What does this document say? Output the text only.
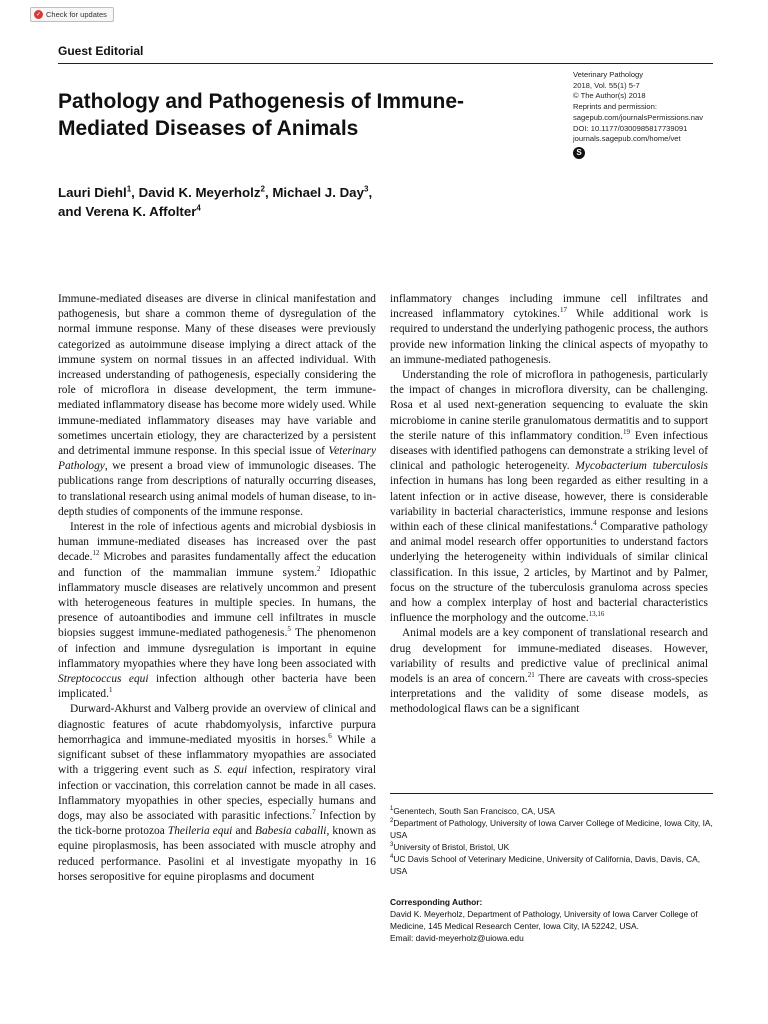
✓ Check for updates
Guest Editorial
Pathology and Pathogenesis of Immune-Mediated Diseases of Animals
Veterinary Pathology
2018, Vol. 55(1) 5-7
© The Author(s) 2018
Reprints and permission:
sagepub.com/journalsPermissions.nav
DOI: 10.1177/0300985817739091
journals.sagepub.com/home/vet
S
Lauri Diehl$^1$, David K. Meyerholz$^2$, Michael J. Day$^3$,
and Verena K. Affolter$^4$

Immune-mediated diseases are diverse in clinical manifestation and pathogenesis, but share a common theme of dysregulation of the normal immune response. Many of these diseases were previously categorized as autoimmune disease implying a direct attack of the immune system on normal tissues in an affected individual. With increased understanding of pathogenesis, especially considering the role of microflora in disease development, the term immune-mediated inflammatory disease has become more widely used. While immune-mediated inflammatory diseases may have variable and sometimes uncertain etiology, they are characterized by a persistent and detrimental immune response. In this special issue of Veterinary Pathology, we present a broad view of immunologic diseases. The publications range from descriptions of naturally occurring diseases, to translational research using animal models of human disease, to in-depth studies of components of the immune response.

Interest in the role of infectious agents and microbial dysbiosis in human immune-mediated diseases has increased over the past decade.$^{12}$ Microbes and parasites fundamentally affect the education and function of the mammalian immune system.$^2$ Idiopathic inflammatory muscle diseases are relatively uncommon and present with heterogeneous features in multiple species. In humans, the presence of autoantibodies and immune cell infiltrates in muscle biopsies suggest immune-mediated pathogenesis.$^5$ The phenomenon of infection and immune dysregulation is important in equine inflammatory myopathies where they have long been associated with Streptococcus equi infection although other bacteria have been implicated.$^1$

Durward-Akhurst and Valberg provide an overview of clinical and diagnostic features of acute rhabdomyolysis, infarctive purpura hemorrhagica and immune-mediated myositis in horses.$^6$ While a significant subset of these inflammatory myopathies are associated with a triggering event such as S. equi infection, respiratory viral infection or vaccination, this correlation cannot be made in all cases. Inflammatory myopathies in other species, especially humans and dogs, may also be associated with parasitic infections.$^7$ Infection by the tick-borne protozoa Theileria equi and Babesia caballi, known as equine piroplasmosis, has been associated with muscle atrophy and reduced performance. Pasolini et al investigate myopathy in 16 horses seropositive for equine piroplasms and document

inflammatory changes including immune cell infiltrates and increased inflammatory cytokines.$^{17}$ While additional work is required to understand the underlying pathogenic process, the authors provide new information linking the clinical aspects of myopathy to an immune-mediated pathogenesis.

Understanding the role of microflora in pathogenesis, particularly the impact of changes in microflora diversity, can be challenging. Rosa et al used next-generation sequencing to evaluate the skin microbiome in canine sterile granulomatous dermatitis and to support the sterile nature of this inflammatory condition.$^{19}$ Even infectious diseases with identified pathogens can demonstrate a striking level of clinical and pathologic heterogeneity. Mycobacterium tuberculosis infection in humans has long been regarded as either resulting in a latent infection or in active disease, however, there is considerable variability in bacterial characteristics, immune response and lesions within each of these clinical manifestations.$^4$ Comparative pathology and animal model research offer opportunities to understand factors underlying the heterogeneity within individuals of similar clinical classification. In this issue, 2 articles, by Martinot and by Palmer, focus on the structure of the tuberculosis granuloma across species and how a complex interplay of host and bacterial characteristics influence the morphology and the outcome.$^{13,16}$

Animal models are a key component of translational research and drug development for immune-mediated diseases. However, variability of results and predictive value of preclinical animal models is an area of concern.$^{21}$ There are caveats with cross-species interpretations and the validity of some disease models, as methodological flaws can be a significant

$^1$Genentech, South San Francisco, CA, USA

$^2$Department of Pathology, University of Iowa Carver College of Medicine, Iowa City, IA, USA

$^3$University of Bristol, Bristol, UK

$^4$UC Davis School of Veterinary Medicine, University of California, Davis, Davis, CA, USA

Corresponding Author:
David K. Meyerholz, Department of Pathology, University of Iowa Carver College of Medicine, 145 Medical Research Center, Iowa City, IA 52242, USA.
Email: david-meyerholz@uiowa.edu
